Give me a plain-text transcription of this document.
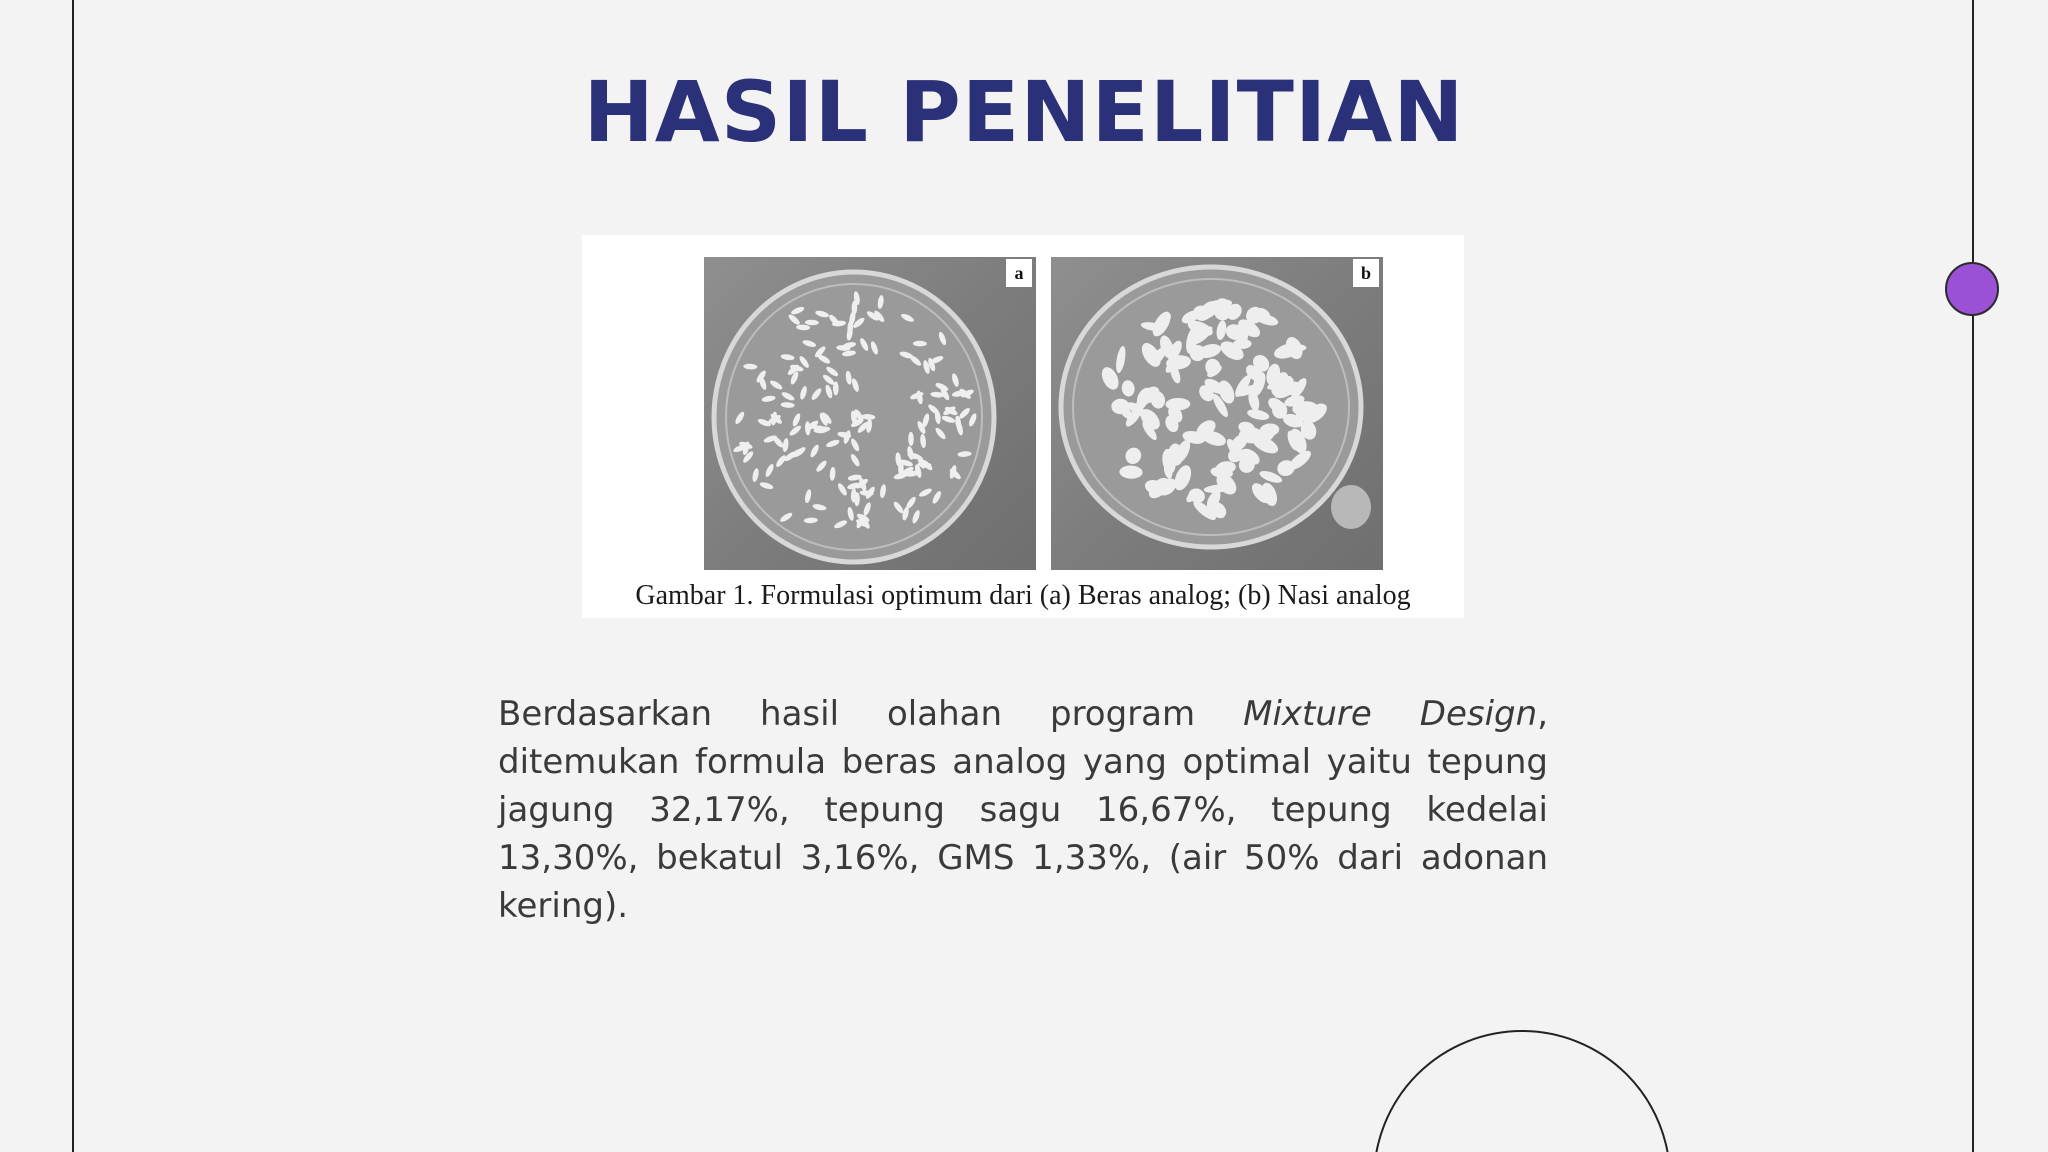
HASIL PENELITIAN
a	b
Gambar 1. Formulasi optimum dari (a) Beras analog; (b) Nasi analog
Berdasarkan hasil olahan program Mixture Design, ditemukan formula beras analog yang optimal yaitu tepung jagung 32,17%, tepung sagu 16,67%, tepung kedelai 13,30%, bekatul 3,16%, GMS 1,33%, (air 50% dari adonan kering).
